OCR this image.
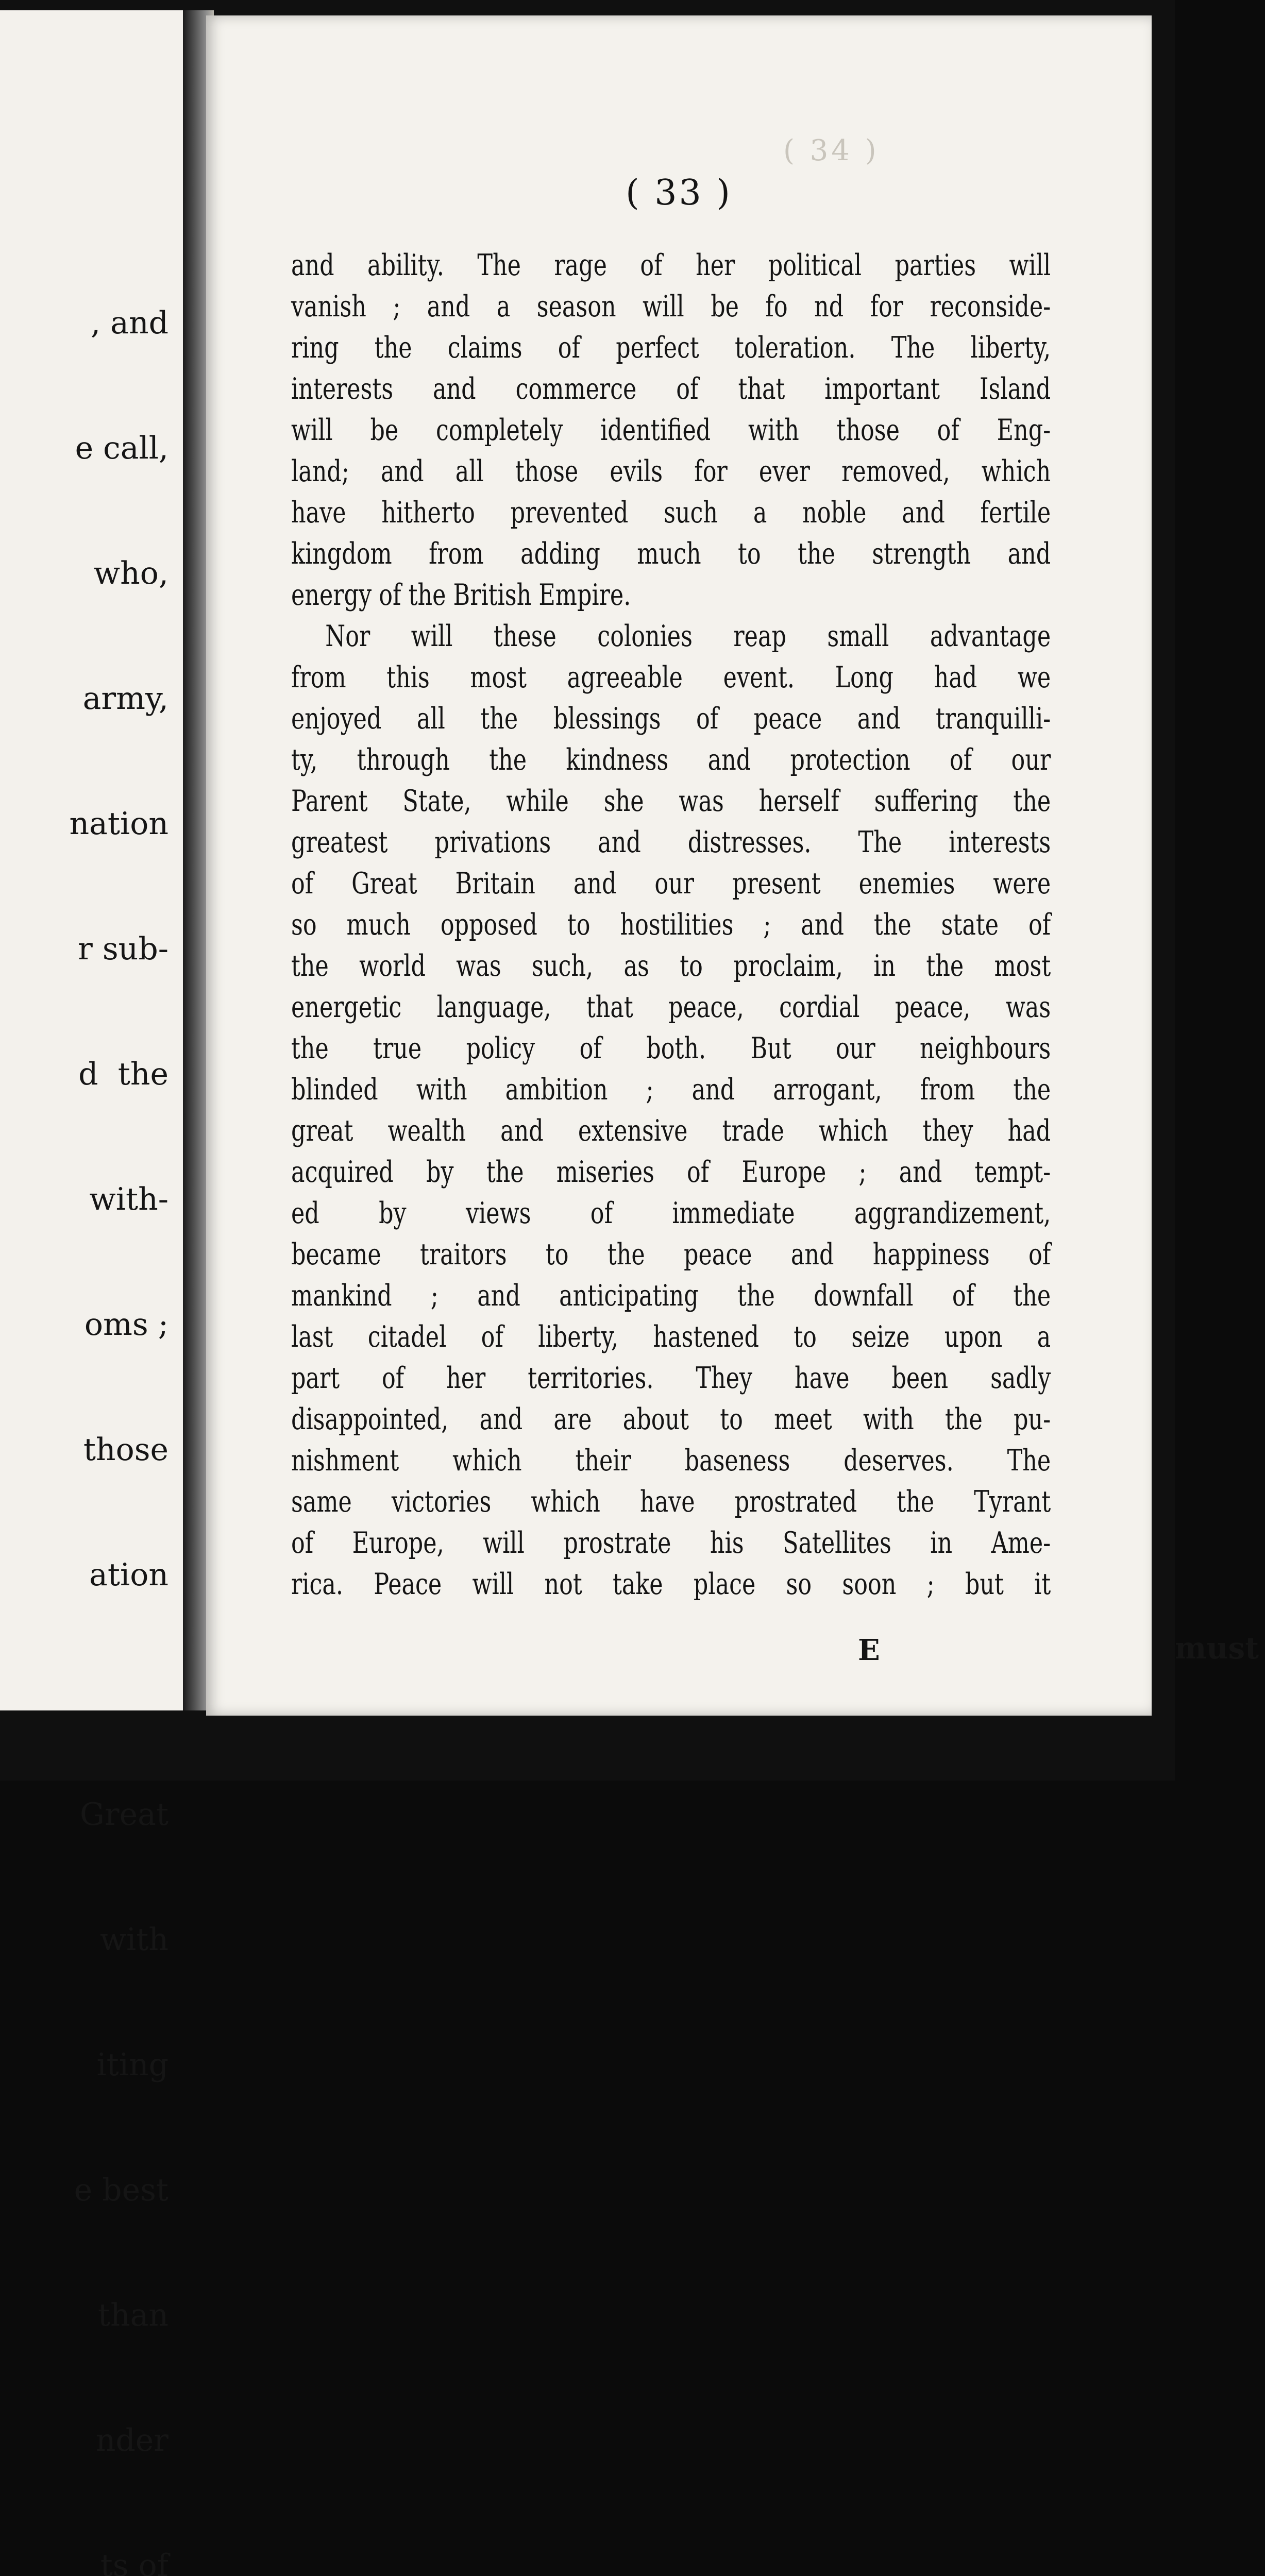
, and

e call,

who,

army,

nation

r sub-

d  the

with-

oms ;

those

ation

Great

with

iting

e best

than

nder

ts of

( 34 )
( 33 )
and ability. The rage of her political parties will
vanish ; and a season will be fo nd for reconside-
ring the claims of perfect toleration. The liberty,
interests and commerce of that important Island
will be completely identified with those of Eng-
land; and all those evils for ever removed, which
have hitherto prevented such a noble and fertile
kingdom from adding much to the strength and
energy of the British Empire.
Nor will these colonies reap small advantage
from this most agreeable event. Long had we
enjoyed all the blessings of peace and tranquilli-
ty, through the kindness and protection of our
Parent State, while she was herself suffering the
greatest privations and distresses. The interests
of Great Britain and our present enemies were
so much opposed to hostilities ; and the state of
the world was such, as to proclaim, in the most
energetic language, that peace, cordial peace, was
the true policy of both. But our neighbours
blinded with ambition ; and arrogant, from the
great wealth and extensive trade which they had
acquired by the miseries of Europe ; and tempt-
ed by views of immediate aggrandizement,
became traitors to the peace and happiness of
mankind ; and anticipating the downfall of the
last citadel of liberty, hastened to seize upon a
part of her territories. They have been sadly
disappointed, and are about to meet with the pu-
nishment which their baseness deserves. The
same victories which have prostrated the Tyrant
of Europe, will prostrate his Satellites in Ame-
rica. Peace will not take place so soon ; but it
E	must
